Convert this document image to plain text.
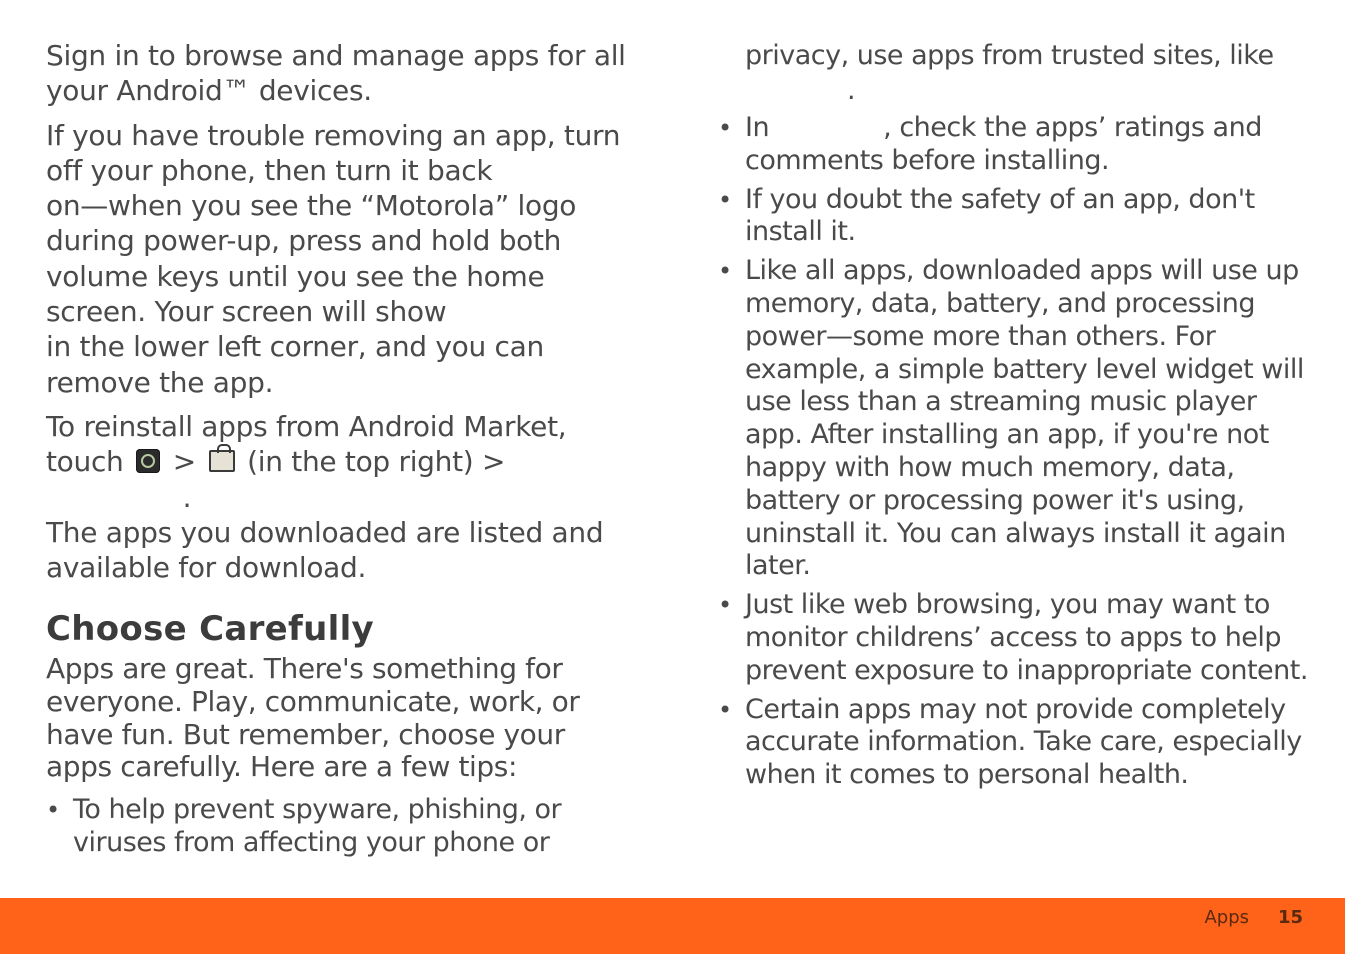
Sign in to browse and manage apps for all your Android™ devices.

If you have trouble removing an app, turn
off your phone, then turn it back
on—when you see the “Motorola” logo
during power-up, press and hold both
volume keys until you see the home
screen. Your screen will show
in the lower left corner, and you can
remove the app.

To reinstall apps from Android Market,
touch > (in the top right) >  .
The apps you downloaded are listed and
available for download.

Choose Carefully

Apps are great. There's something for
everyone. Play, communicate, work, or
have fun. But remember, choose your
apps carefully. Here are a few tips:

• To help prevent spyware, phishing, or
viruses from affecting your phone or

privacy, use apps from trusted sites, like
.

• In	, check the apps’ ratings and comments before installing.
• If you doubt the safety of an app, don't install it.
• Like all apps, downloaded apps will use up memory, data, battery, and processing power—some more than others. For example, a simple battery level widget will use less than a streaming music player app. After installing an app, if you're not happy with how much memory, data, battery or processing power it's using, uninstall it. You can always install it again later.
• Just like web browsing, you may want to monitor childrens’ access to apps to help prevent exposure to inappropriate content.
• Certain apps may not provide completely accurate information. Take care, especially when it comes to personal health.
Apps 15
